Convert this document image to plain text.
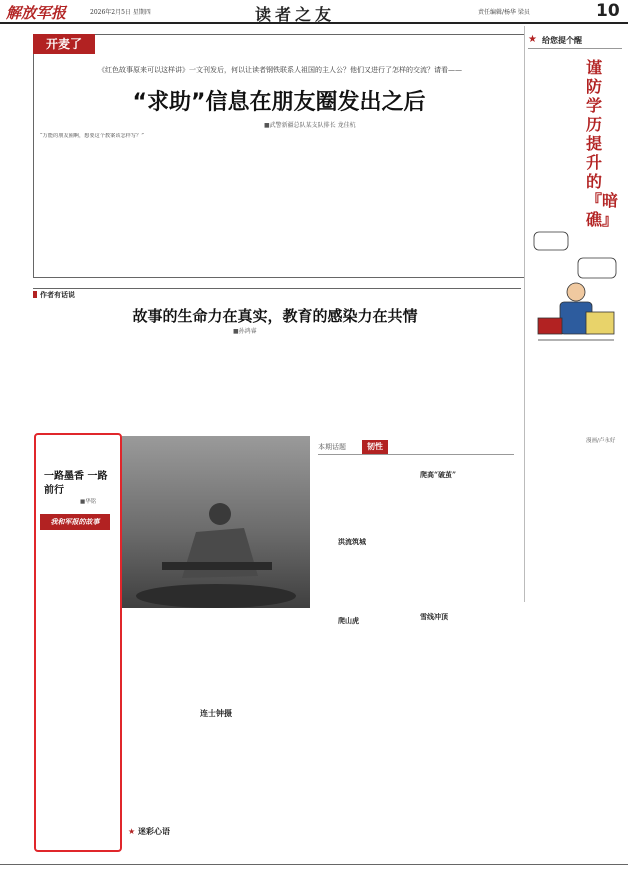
解放军报	2026年2月5日 星期四	读者之友	责任编辑/杨华 梁员	10
开麦了
《红色故事原来可以这样讲》一文刊发后，何以让读者钢铁联系人祖国的主人公？他们又进行了怎样的交流？请看——
“求助”信息在朋友圈发出之后
■武警新疆总队某支队排长 龙佳杭
“万能的朋友圈啊，想要这个教案该怎样写？”
★ 给您提个醒
谨防学历提升的『暗礁』
漫画/卢永好
作者有话说
故事的生命力在真实，教育的感染力在共情
■孙鸿睿
一路墨香 一路前行
■华铭
我和军报的故事
连士钟摄
★ 迷彩心语
本期话题	韧性
爬高“破茧”
洪流筑城
爬山虎	雪线冲顶
